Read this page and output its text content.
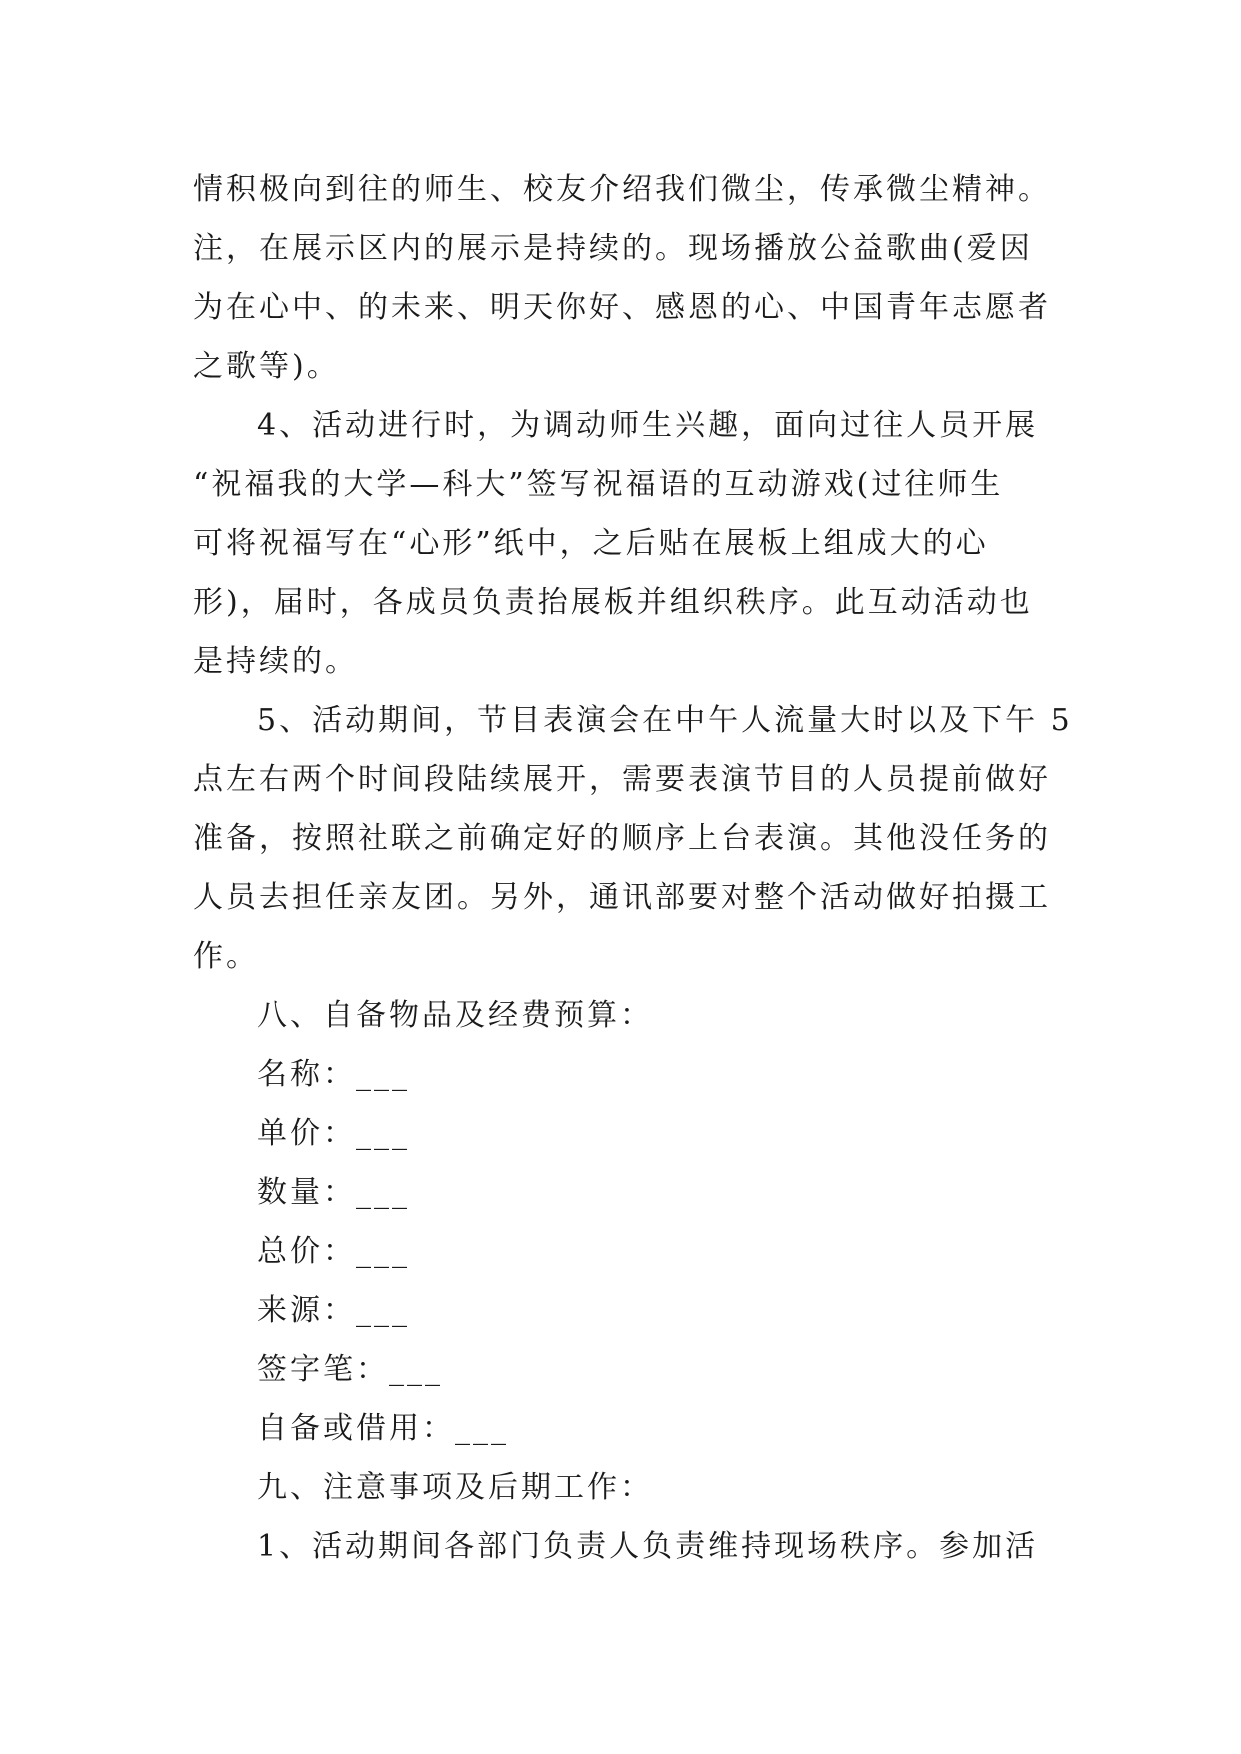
情积极向到往的师生、校友介绍我们微尘，传承微尘精神。
注，在展示区内的展示是持续的。现场播放公益歌曲(爱因
为在心中、的未来、明天你好、感恩的心、中国青年志愿者
之歌等)。

4、活动进行时，为调动师生兴趣，面向过往人员开展
“祝福我的大学—科大”签写祝福语的互动游戏(过往师生
可将祝福写在“心形”纸中，之后贴在展板上组成大的心
形)，届时，各成员负责抬展板并组织秩序。此互动活动也
是持续的。

5、活动期间，节目表演会在中午人流量大时以及下午 5
点左右两个时间段陆续展开，需要表演节目的人员提前做好
准备，按照社联之前确定好的顺序上台表演。其他没任务的
人员去担任亲友团。另外，通讯部要对整个活动做好拍摄工
作。

八、自备物品及经费预算：
名称：___
单价：___
数量：___
总价：___
来源：___
签字笔：___
自备或借用：___

九、注意事项及后期工作：
1、活动期间各部门负责人负责维持现场秩序。参加活
